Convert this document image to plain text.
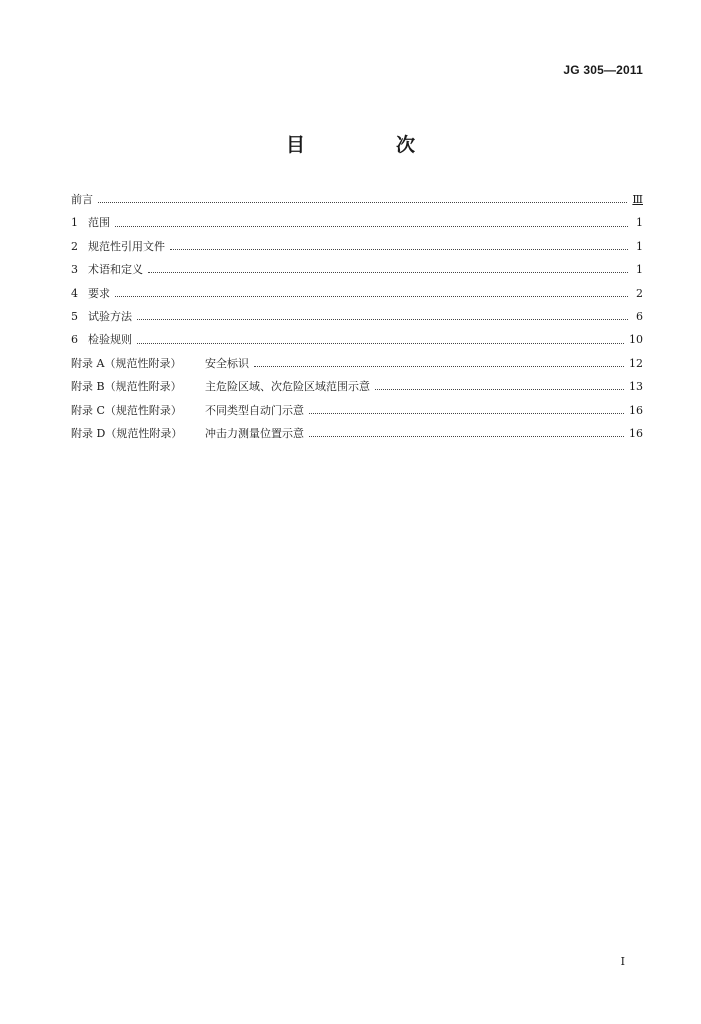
JG 305—2011
目　次
前言	Ⅲ
1 范围	1
2 规范性引用文件	1
3 术语和定义	1
4 要求	2
5 试验方法	6
6 检验规则	10
附录 A（规范性附录）	安全标识	12
附录 B（规范性附录）	主危险区域、次危险区域范围示意	13
附录 C（规范性附录）	不同类型自动门示意	16
附录 D（规范性附录）	冲击力测量位置示意	16
I
